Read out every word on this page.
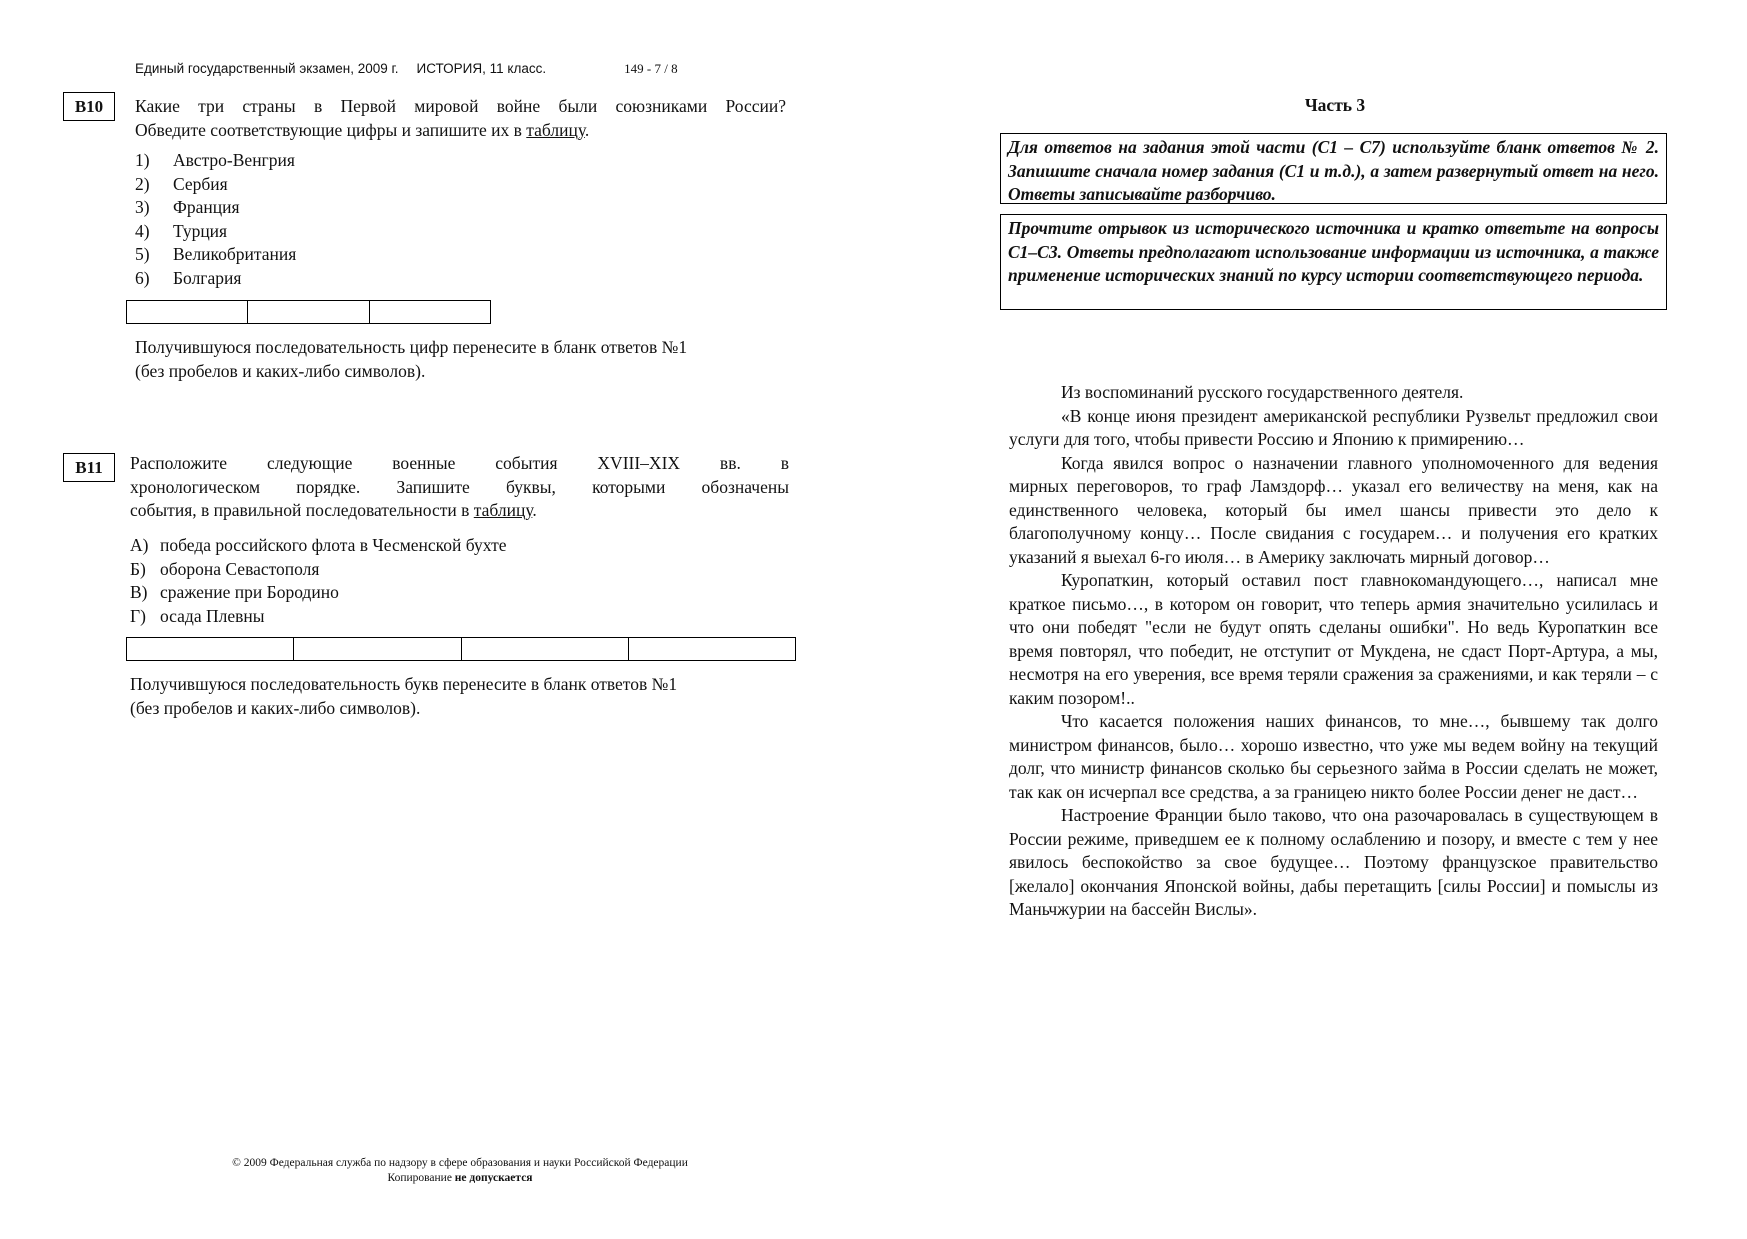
Единый государственный экзамен, 2009 г. ИСТОРИЯ, 11 класс.	149 - 7 / 8
B10	Какие три страны в Первой мировой войне были союзниками России?
Обведите соответствующие цифры и запишите их в таблицу.
1) Австро-Венгрия
2) Сербия
3) Франция
4) Турция
5) Великобритания
6) Болгария

Получившуюся последовательность цифр перенесите в бланк ответов №1
(без пробелов и каких-либо символов).
B11	Расположите следующие военные события XVIII–XIX вв. в
хронологическом порядке. Запишите буквы, которыми обозначены
события, в правильной последовательности в таблицу.
А) победа российского флота в Чесменской бухте
Б) оборона Севастополя
В) сражение при Бородино
Г) осада Плевны

Получившуюся последовательность букв перенесите в бланк ответов №1
(без пробелов и каких-либо символов).
Часть 3
Для ответов на задания этой части (С1 – С7) используйте бланк ответов № 2. Запишите сначала номер задания (С1 и т.д.), а затем развернутый ответ на него. Ответы записывайте разборчиво.
Прочтите отрывок из исторического источника и кратко ответьте на вопросы С1–С3. Ответы предполагают использование информации из источника, а также применение исторических знаний по курсу истории соответствующего периода.

Из воспоминаний русского государственного деятеля.

«В конце июня президент американской республики Рузвельт предложил свои услуги для того, чтобы привести Россию и Японию к примирению…

Когда явился вопрос о назначении главного уполномоченного для ведения мирных переговоров, то граф Ламздорф… указал его величеству на меня, как на единственного человека, который бы имел шансы привести это дело к благополучному концу… После свидания с государем… и получения его кратких указаний я выехал 6-го июля… в Америку заключать мирный договор…

Куропаткин, который оставил пост главнокомандующего…, написал мне краткое письмо…, в котором он говорит, что теперь армия значительно усилилась и что они победят "если не будут опять сделаны ошибки". Но ведь Куропаткин все время повторял, что победит, не отступит от Мукдена, не сдаст Порт-Артура, а мы, несмотря на его уверения, все время теряли сражения за сражениями, и как теряли – с каким позором!..

Что касается положения наших финансов, то мне…, бывшему так долго министром финансов, было… хорошо известно, что уже мы ведем войну на текущий долг, что министр финансов сколько бы серьезного займа в России сделать не может, так как он исчерпал все средства, а за границею никто более России денег не даст…

Настроение Франции было таково, что она разочаровалась в существующем в России режиме, приведшем ее к полному ослаблению и позору, и вместе с тем у нее явилось беспокойство за свое будущее… Поэтому французское правительство [желало] окончания Японской войны, дабы перетащить [силы России] и помыслы из Маньчжурии на бассейн Вислы».

© 2009 Федеральная служба по надзору в сфере образования и науки Российской Федерации
Копирование не допускается
